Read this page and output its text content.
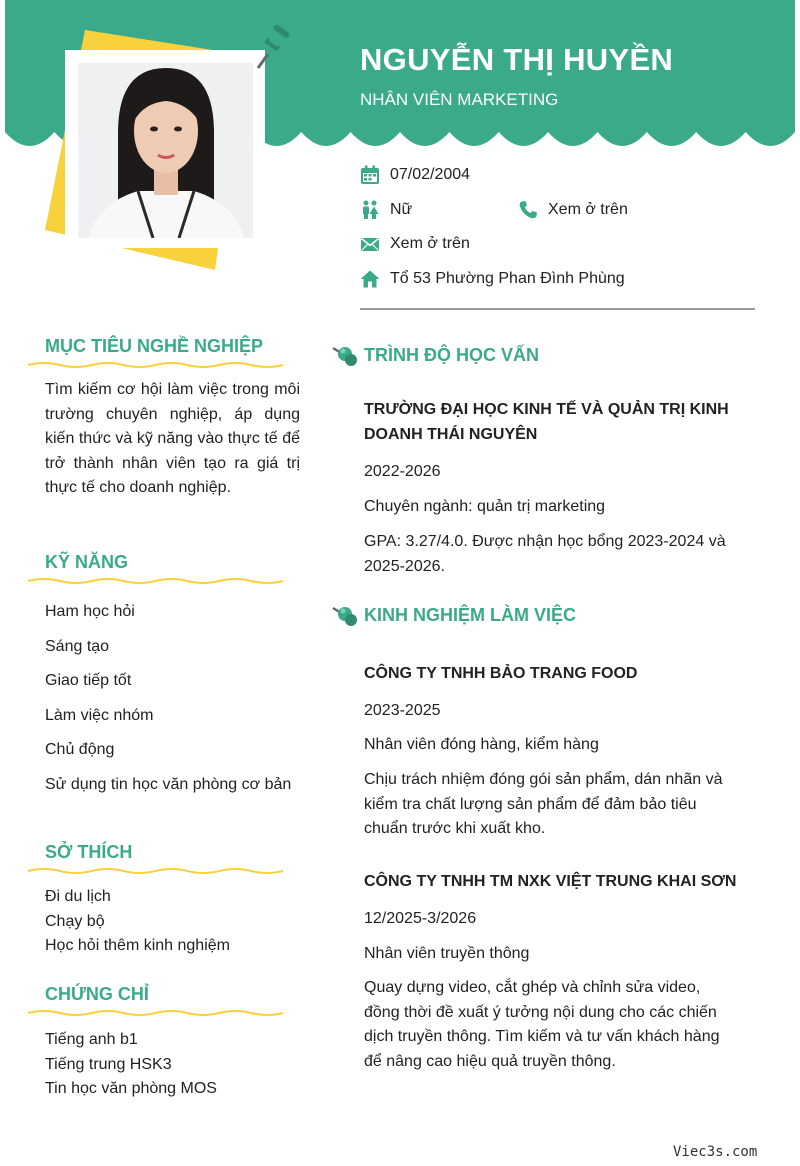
NGUYỄN THỊ HUYỀN
NHÂN VIÊN MARKETING
07/02/2004
Nữ	Xem ở trên
Xem ở trên
Tổ 53 Phường Phan Đình Phùng
MỤC TIÊU NGHỀ NGHIỆP

Tìm kiếm cơ hội làm việc trong môi trường chuyên nghiệp, áp dụng kiến thức và kỹ năng vào thực tế để trở thành nhân viên tạo ra giá trị thực tế cho doanh nghiệp.

KỸ NĂNG
Ham học hỏi
Sáng tạo
Giao tiếp tốt
Làm việc nhóm
Chủ động
Sử dụng tin học văn phòng cơ bản
SỞ THÍCH
Đi du lịch
Chạy bộ
Học hỏi thêm kinh nghiệm
CHỨNG CHỈ
Tiếng anh b1
Tiếng trung HSK3
Tin học văn phòng MOS
TRÌNH ĐỘ HỌC VẤN
TRƯỜNG ĐẠI HỌC KINH TẾ VÀ QUẢN TRỊ KINH DOANH THÁI NGUYÊN
2022-2026
Chuyên ngành: quản trị marketing
GPA: 3.27/4.0. Được nhận học bổng 2023-2024 và 2025-2026.
KINH NGHIỆM LÀM VIỆC
CÔNG TY TNHH BẢO TRANG FOOD
2023-2025
Nhân viên đóng hàng, kiểm hàng
Chịu trách nhiệm đóng gói sản phẩm, dán nhãn và kiểm tra chất lượng sản phẩm để đảm bảo tiêu chuẩn trước khi xuất kho.
CÔNG TY TNHH TM NXK VIỆT TRUNG KHAI SƠN
12/2025-3/2026
Nhân viên truyền thông
Quay dựng video, cắt ghép và chỉnh sửa video, đồng thời đề xuất ý tưởng nội dung cho các chiến dịch truyền thông. Tìm kiếm và tư vấn khách hàng để nâng cao hiệu quả truyền thông.
Viec3s.com
